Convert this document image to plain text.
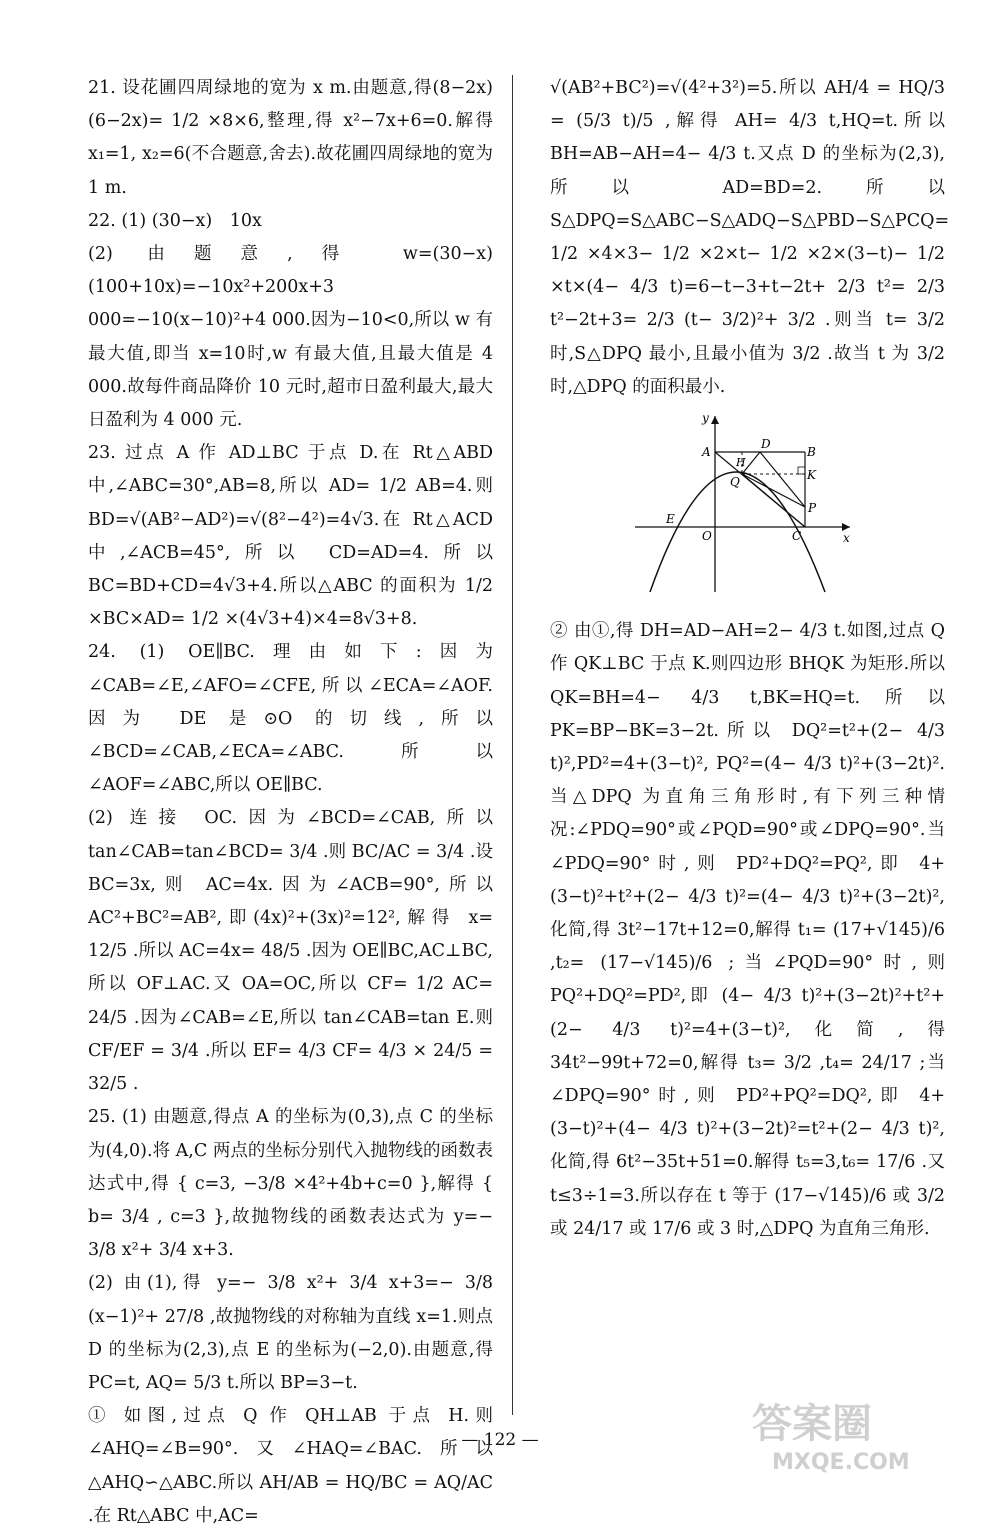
21. 设花圃四周绿地的宽为 x m.由题意,得(8−2x)(6−2x)= 1/2 ×8×6,整理,得 x²−7x+6=0.解得 x₁=1, x₂=6(不合题意,舍去).故花圃四周绿地的宽为 1 m.

22. (1) (30−x)　10x

(2) 由题意,得 w=(30−x)(100+10x)=−10x²+200x+3 000=−10(x−10)²+4 000.因为−10<0,所以 w 有最大值,即当 x=10时,w 有最大值,且最大值是 4 000.故每件商品降价 10 元时,超市日盈利最大,最大日盈利为 4 000 元.

23. 过点 A 作 AD⊥BC 于点 D.在 Rt△ABD 中,∠ABC=30°,AB=8,所以 AD= 1/2 AB=4.则 BD=√(AB²−AD²)=√(8²−4²)=4√3.在 Rt△ACD 中,∠ACB=45°,所以 CD=AD=4.所以 BC=BD+CD=4√3+4.所以△ABC 的面积为 1/2 ×BC×AD= 1/2 ×(4√3+4)×4=8√3+8.

24. (1) OE∥BC.理由如下:因为∠CAB=∠E,∠AFO=∠CFE,所以∠ECA=∠AOF.因为 DE 是⊙O 的切线,所以∠BCD=∠CAB,∠ECA=∠ABC.所以∠AOF=∠ABC,所以 OE∥BC.

(2) 连接 OC.因为∠BCD=∠CAB,所以 tan∠CAB=tan∠BCD= 3/4 .则 BC/AC = 3/4 .设 BC=3x,则 AC=4x.因为∠ACB=90°,所以 AC²+BC²=AB²,即(4x)²+(3x)²=12²,解得 x= 12/5 .所以 AC=4x= 48/5 .因为 OE∥BC,AC⊥BC,所以 OF⊥AC.又 OA=OC,所以 CF= 1/2 AC= 24/5 .因为∠CAB=∠E,所以 tan∠CAB=tan E.则 CF/EF = 3/4 .所以 EF= 4/3 CF= 4/3 × 24/5 = 32/5 .

25. (1) 由题意,得点 A 的坐标为(0,3),点 C 的坐标为(4,0).将 A,C 两点的坐标分别代入抛物线的函数表达式中,得 { c=3, −3/8 ×4²+4b+c=0 },解得 { b= 3/4 , c=3 },故抛物线的函数表达式为 y=− 3/8 x²+ 3/4 x+3.

(2) 由(1),得 y=− 3/8 x²+ 3/4 x+3=− 3/8 (x−1)²+ 27/8 ,故抛物线的对称轴为直线 x=1.则点 D 的坐标为(2,3),点 E 的坐标为(−2,0).由题意,得 PC=t, AQ= 5/3 t.所以 BP=3−t.

① 如图,过点 Q 作 QH⊥AB 于点 H.则∠AHQ=∠B=90°.又∠HAQ=∠BAC.所以△AHQ∽△ABC.所以 AH/AB = HQ/BC = AQ/AC .在 Rt△ABC 中,AC=

√(AB²+BC²)=√(4²+3²)=5.所以 AH/4 = HQ/3 = (5/3 t)/5 ,解得 AH= 4/3 t,HQ=t.所以 BH=AB−AH=4− 4/3 t.又点 D 的坐标为(2,3),所以 AD=BD=2.所以 S△DPQ=S△ABC−S△ADQ−S△PBD−S△PCQ= 1/2 ×4×3− 1/2 ×2×t− 1/2 ×2×(3−t)− 1/2 ×t×(4− 4/3 t)=6−t−3+t−2t+ 2/3 t²= 2/3 t²−2t+3= 2/3 (t− 3/2)²+ 3/2 .则当 t= 3/2 时,S△DPQ 最小,且最小值为 3/2 .故当 t 为 3/2 时,△DPQ 的面积最小.

y
x
A
D
B
H
K
Q
P
E
O	C

② 由①,得 DH=AD−AH=2− 4/3 t.如图,过点 Q 作 QK⊥BC 于点 K.则四边形 BHQK 为矩形.所以 QK=BH=4− 4/3 t,BK=HQ=t.所以 PK=BP−BK=3−2t.所以 DQ²=t²+(2− 4/3 t)²,PD²=4+(3−t)², PQ²=(4− 4/3 t)²+(3−2t)².当△DPQ 为直角三角形时,有下列三种情况:∠PDQ=90°或∠PQD=90°或∠DPQ=90°.当∠PDQ=90°时,则 PD²+DQ²=PQ²,即 4+(3−t)²+t²+(2− 4/3 t)²=(4− 4/3 t)²+(3−2t)²,化简,得 3t²−17t+12=0,解得 t₁= (17+√145)/6 ,t₂= (17−√145)/6 ;当∠PQD=90°时,则 PQ²+DQ²=PD²,即 (4− 4/3 t)²+(3−2t)²+t²+(2− 4/3 t)²=4+(3−t)²,化简,得 34t²−99t+72=0,解得 t₃= 3/2 ,t₄= 24/17 ;当∠DPQ=90°时,则 PD²+PQ²=DQ²,即 4+(3−t)²+(4− 4/3 t)²+(3−2t)²=t²+(2− 4/3 t)²,化简,得 6t²−35t+51=0.解得 t₅=3,t₆= 17/6 .又 t≤3÷1=3.所以存在 t 等于 (17−√145)/6 或 3/2 或 24/17 或 17/6 或 3 时,△DPQ 为直角三角形.

— 122 —	答案圈
MXQE.COM
